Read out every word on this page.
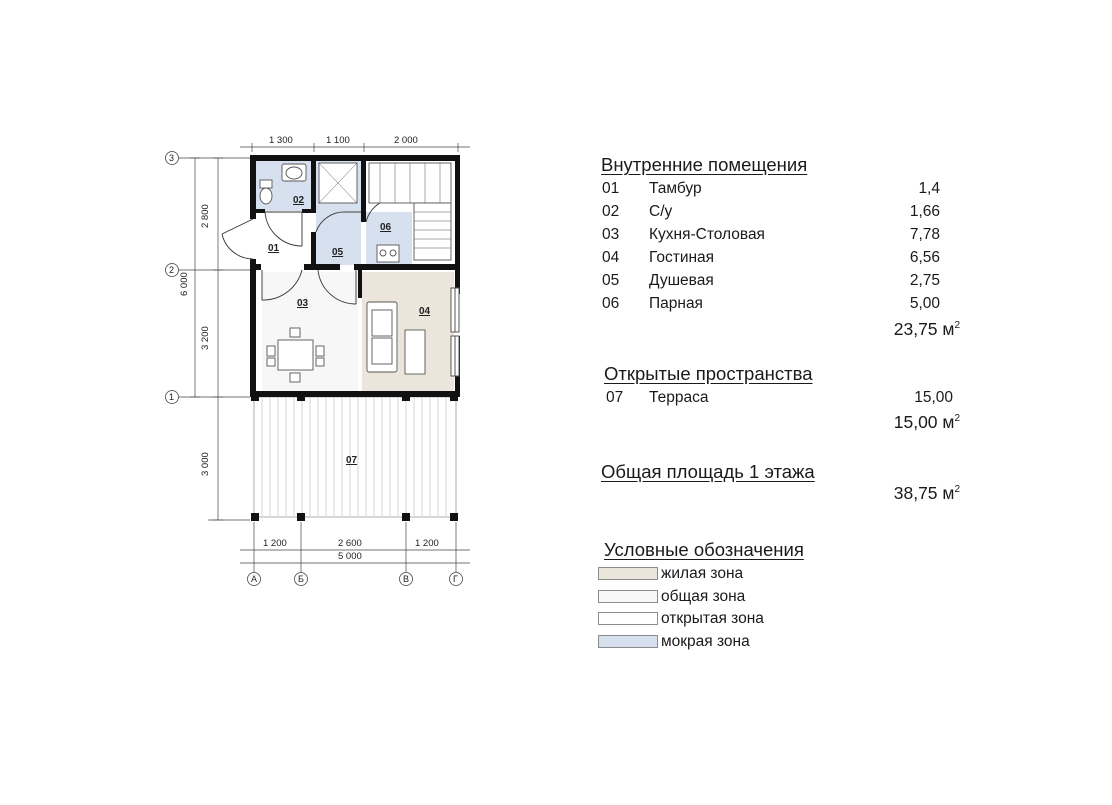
02
01	05
06
03
04
07
1 300	1 100	2 000
2 800
3 200
3 000
6 000
1 200	2 600	1 200
5 000
3
2
1
А	Б	В	Г
Внутренние помещения
01 Тамбур	1,4
02 С/у	1,66
03 Кухня-Столовая	7,78
04 Гостиная	6,56
05 Душевая	2,75
06 Парная	5,00
23,75 $м^2$
Открытые пространства
07 Терраса	15,00
15,00 $м^2$
Общая площадь 1 этажа
38,75 $м^2$
Условные обозначения
жилая зона
общая зона
открытая зона
мокрая зона
